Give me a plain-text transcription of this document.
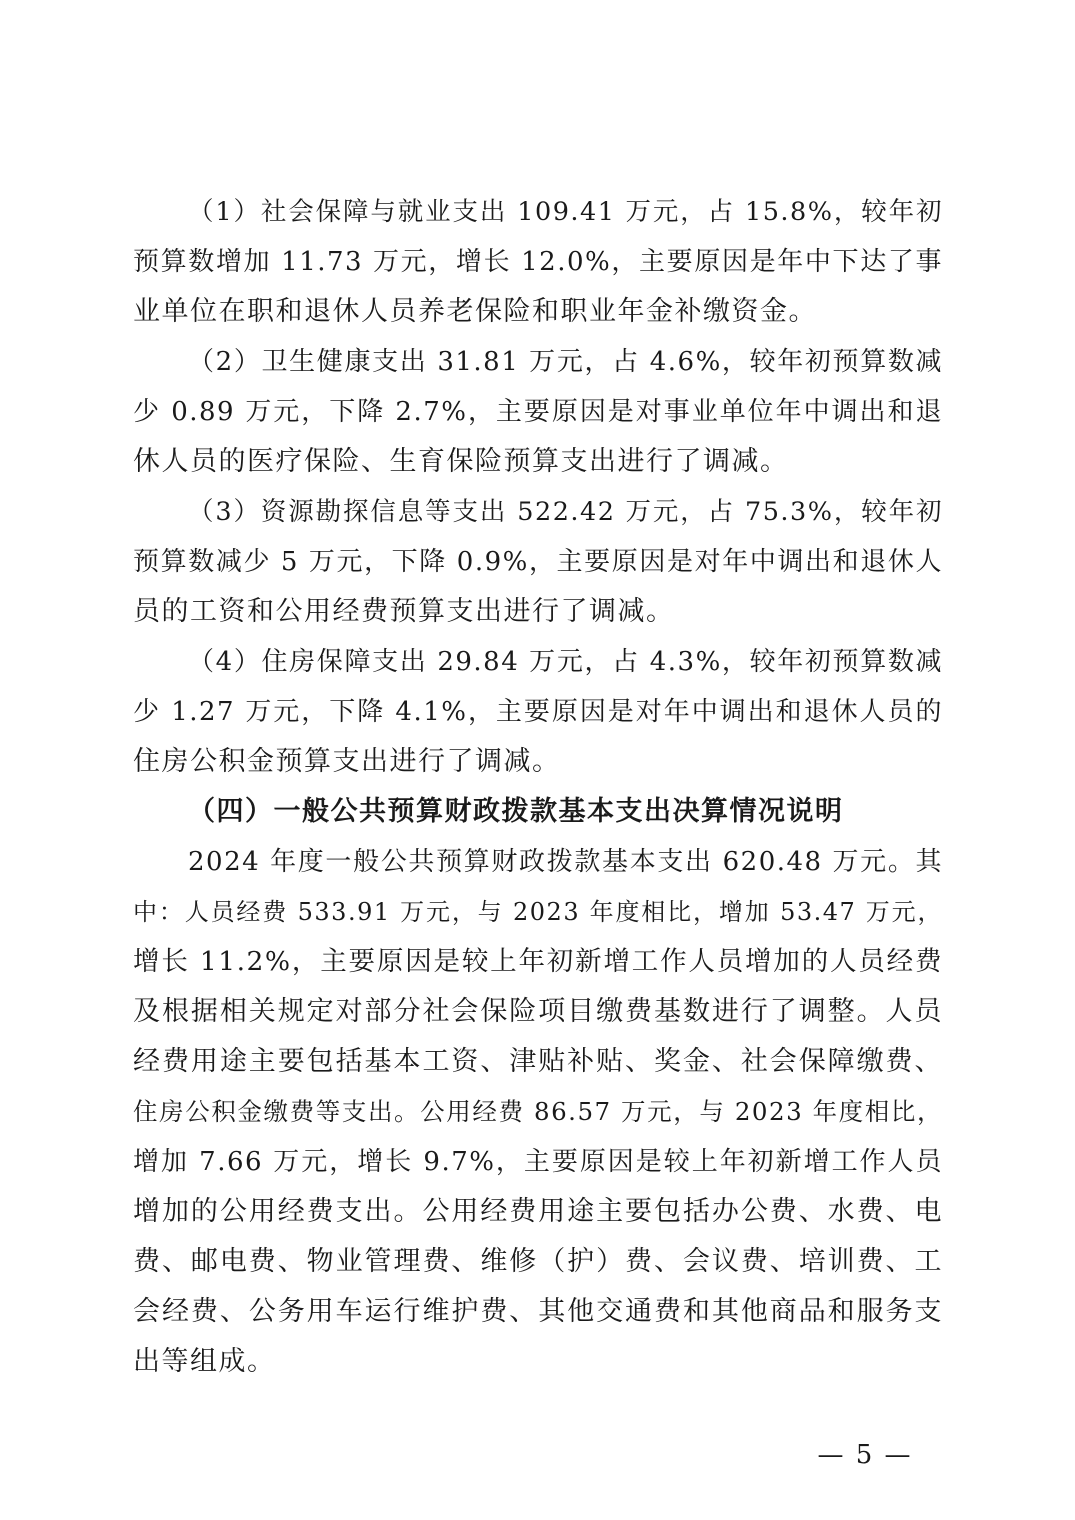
（1）社会保障与就业支出 109.41 万元，占 15.8%，较年初
预算数增加 11.73 万元，增长 12.0%，主要原因是年中下达了事
业单位在职和退休人员养老保险和职业年金补缴资金。
（2）卫生健康支出 31.81 万元，占 4.6%，较年初预算数减
少 0.89 万元，下降 2.7%，主要原因是对事业单位年中调出和退
休人员的医疗保险、生育保险预算支出进行了调减。
（3）资源勘探信息等支出 522.42 万元，占 75.3%，较年初
预算数减少 5 万元，下降 0.9%，主要原因是对年中调出和退休人
员的工资和公用经费预算支出进行了调减。
（4）住房保障支出 29.84 万元，占 4.3%，较年初预算数减
少 1.27 万元，下降 4.1%，主要原因是对年中调出和退休人员的
住房公积金预算支出进行了调减。
（四）一般公共预算财政拨款基本支出决算情况说明
2024 年度一般公共预算财政拨款基本支出 620.48 万元。其
中：人员经费 533.91 万元，与 2023 年度相比，增加 53.47 万元，
增长 11.2%，主要原因是较上年初新增工作人员增加的人员经费
及根据相关规定对部分社会保险项目缴费基数进行了调整。人员
经费用途主要包括基本工资、津贴补贴、奖金、社会保障缴费、
住房公积金缴费等支出。公用经费 86.57 万元，与 2023 年度相比，
增加 7.66 万元，增长 9.7%，主要原因是较上年初新增工作人员
增加的公用经费支出。公用经费用途主要包括办公费、水费、电
费、邮电费、物业管理费、维修（护）费、会议费、培训费、工
会经费、公务用车运行维护费、其他交通费和其他商品和服务支
出等组成。
— 5 —
